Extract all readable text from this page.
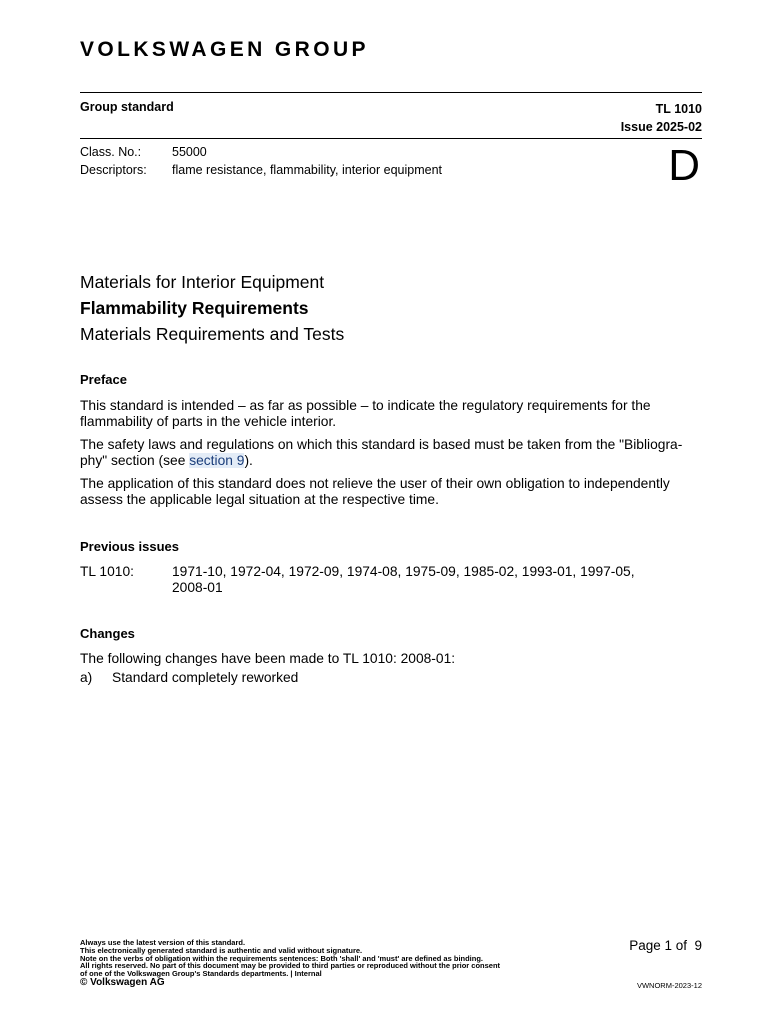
VOLKSWAGEN GROUP
Group standard	TL 1010
Issue 2025-02
Class. No.: 55000
Descriptors: flame resistance, flammability, interior equipment	D
Materials for Interior Equipment
Flammability Requirements
Materials Requirements and Tests
Preface
This standard is intended – as far as possible – to indicate the regulatory requirements for the
flammability of parts in the vehicle interior.
The safety laws and regulations on which this standard is based must be taken from the "Bibliogra-
phy" section (see section 9).
The application of this standard does not relieve the user of their own obligation to independently
assess the applicable legal situation at the respective time.
Previous issues
TL 1010:	1971-10, 1972-04, 1972-09, 1974-08, 1975-09, 1985-02, 1993-01, 1997-05,
2008-01
Changes
The following changes have been made to TL 1010: 2008-01:
a)	Standard completely reworked
Always use the latest version of this standard.
This electronically generated standard is authentic and valid without signature.
Note on the verbs of obligation within the requirements sentences: Both 'shall' and 'must' are defined as binding.
All rights reserved. No part of this document may be provided to third parties or reproduced without the prior consent
of one of the Volkswagen Group's Standards departments. | Internal
© Volkswagen AG
Page 1 of  9
VWNORM-2023-12
